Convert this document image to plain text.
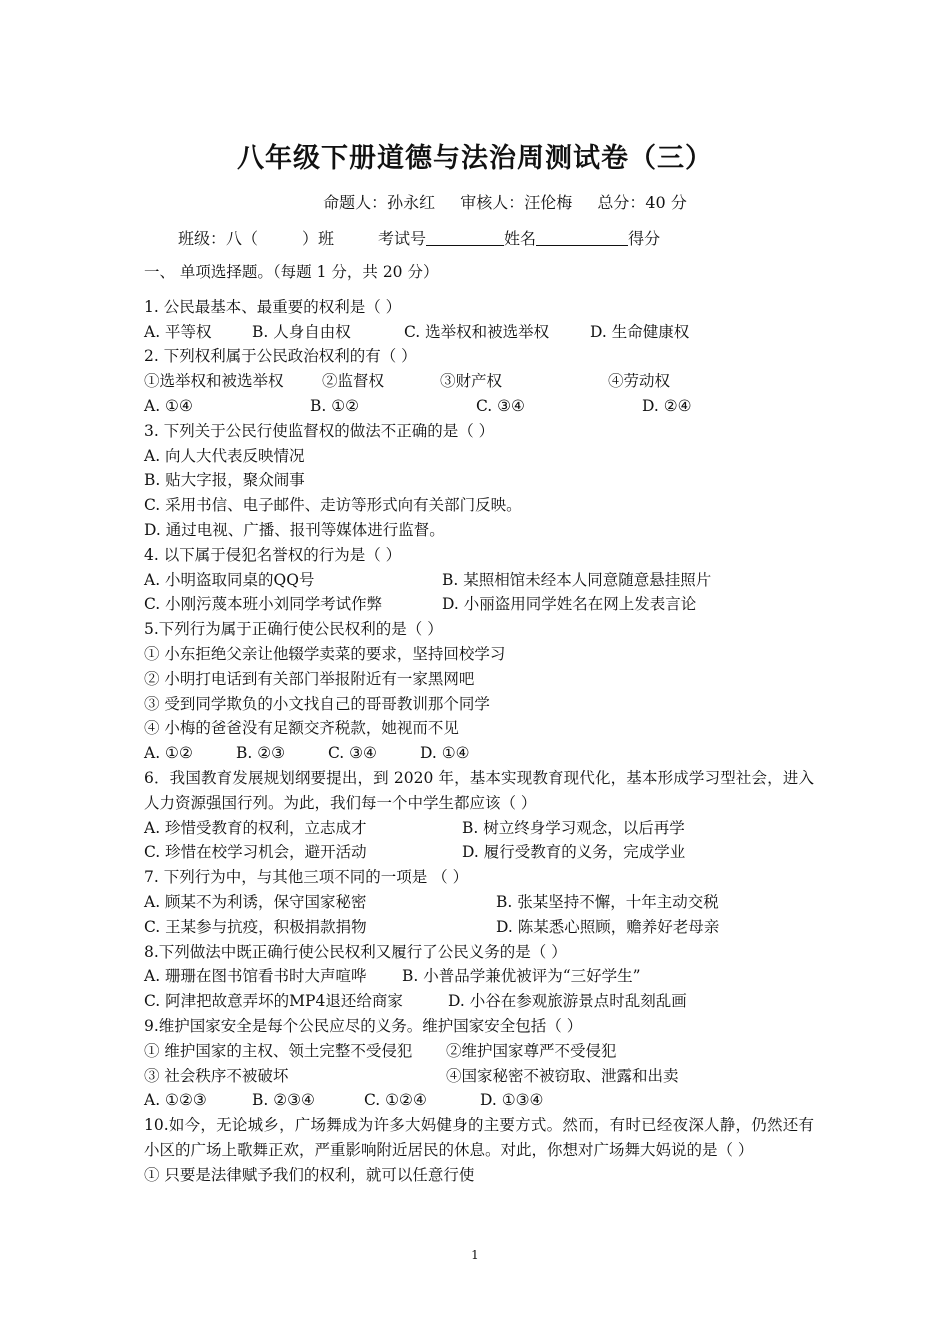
八年级下册道德与法治周测试卷（三）
命题人：孙永红 审核人：汪伦梅 总分：40 分
班级：八（	）班	考试号	姓名	得分
一、 单项选择题。（每题 1 分，共 20 分）
1. 公民最基本、最重要的权利是（ ）
A. 平等权	B. 人身自由权	C. 选举权和被选举权	D. 生命健康权
2. 下列权利属于公民政治权利的有（ ）
①选举权和被选举权 ②监督权	③财产权	④劳动权
A. ①④	B. ①②	C. ③④	D. ②④
3. 下列关于公民行使监督权的做法不正确的是（ ）
A. 向人大代表反映情况
B. 贴大字报，聚众闹事
C. 采用书信、电子邮件、走访等形式向有关部门反映。
D. 通过电视、广播、报刊等媒体进行监督。
4. 以下属于侵犯名誉权的行为是（ ）
A. 小明盗取同桌的QQ号	B. 某照相馆未经本人同意随意悬挂照片
C. 小刚污蔑本班小刘同学考试作弊	D. 小丽盗用同学姓名在网上发表言论
5.下列行为属于正确行使公民权利的是（ ）
① 小东拒绝父亲让他辍学卖菜的要求，坚持回校学习
② 小明打电话到有关部门举报附近有一家黑网吧
③ 受到同学欺负的小文找自己的哥哥教训那个同学
④ 小梅的爸爸没有足额交齐税款，她视而不见
A. ①②	B. ②③	C. ③④	D. ①④
6．我国教育发展规划纲要提出，到 2020 年，基本实现教育现代化，基本形成学习型社会，进入人力资源强国行列。为此，我们每一个中学生都应该（ ）
A. 珍惜受教育的权利，立志成才	B. 树立终身学习观念，以后再学
C. 珍惜在校学习机会，避开活动	D. 履行受教育的义务，完成学业
7. 下列行为中，与其他三项不同的一项是 （ ）
A. 顾某不为利诱，保守国家秘密	B. 张某坚持不懈，十年主动交税
C. 王某参与抗疫，积极捐款捐物	D. 陈某悉心照顾，赡养好老母亲
8.下列做法中既正确行使公民权利又履行了公民义务的是（ ）
A. 珊珊在图书馆看书时大声喧哗 B. 小普品学兼优被评为“三好学生”
C. 阿津把故意弄坏的MP4退还给商家	D. 小谷在参观旅游景点时乱刻乱画
9.维护国家安全是每个公民应尽的义务。维护国家安全包括（ ）
① 维护国家的主权、领土完整不受侵犯 ②维护国家尊严不受侵犯
③ 社会秩序不被破坏	④国家秘密不被窃取、泄露和出卖
A. ①②③	B. ②③④	C. ①②④	D. ①③④
10.如今，无论城乡，广场舞成为许多大妈健身的主要方式。然而，有时已经夜深人静，仍然还有小区的广场上歌舞正欢，严重影响附近居民的休息。对此，你想对广场舞大妈说的是（ ）
① 只要是法律赋予我们的权利，就可以任意行使
1
